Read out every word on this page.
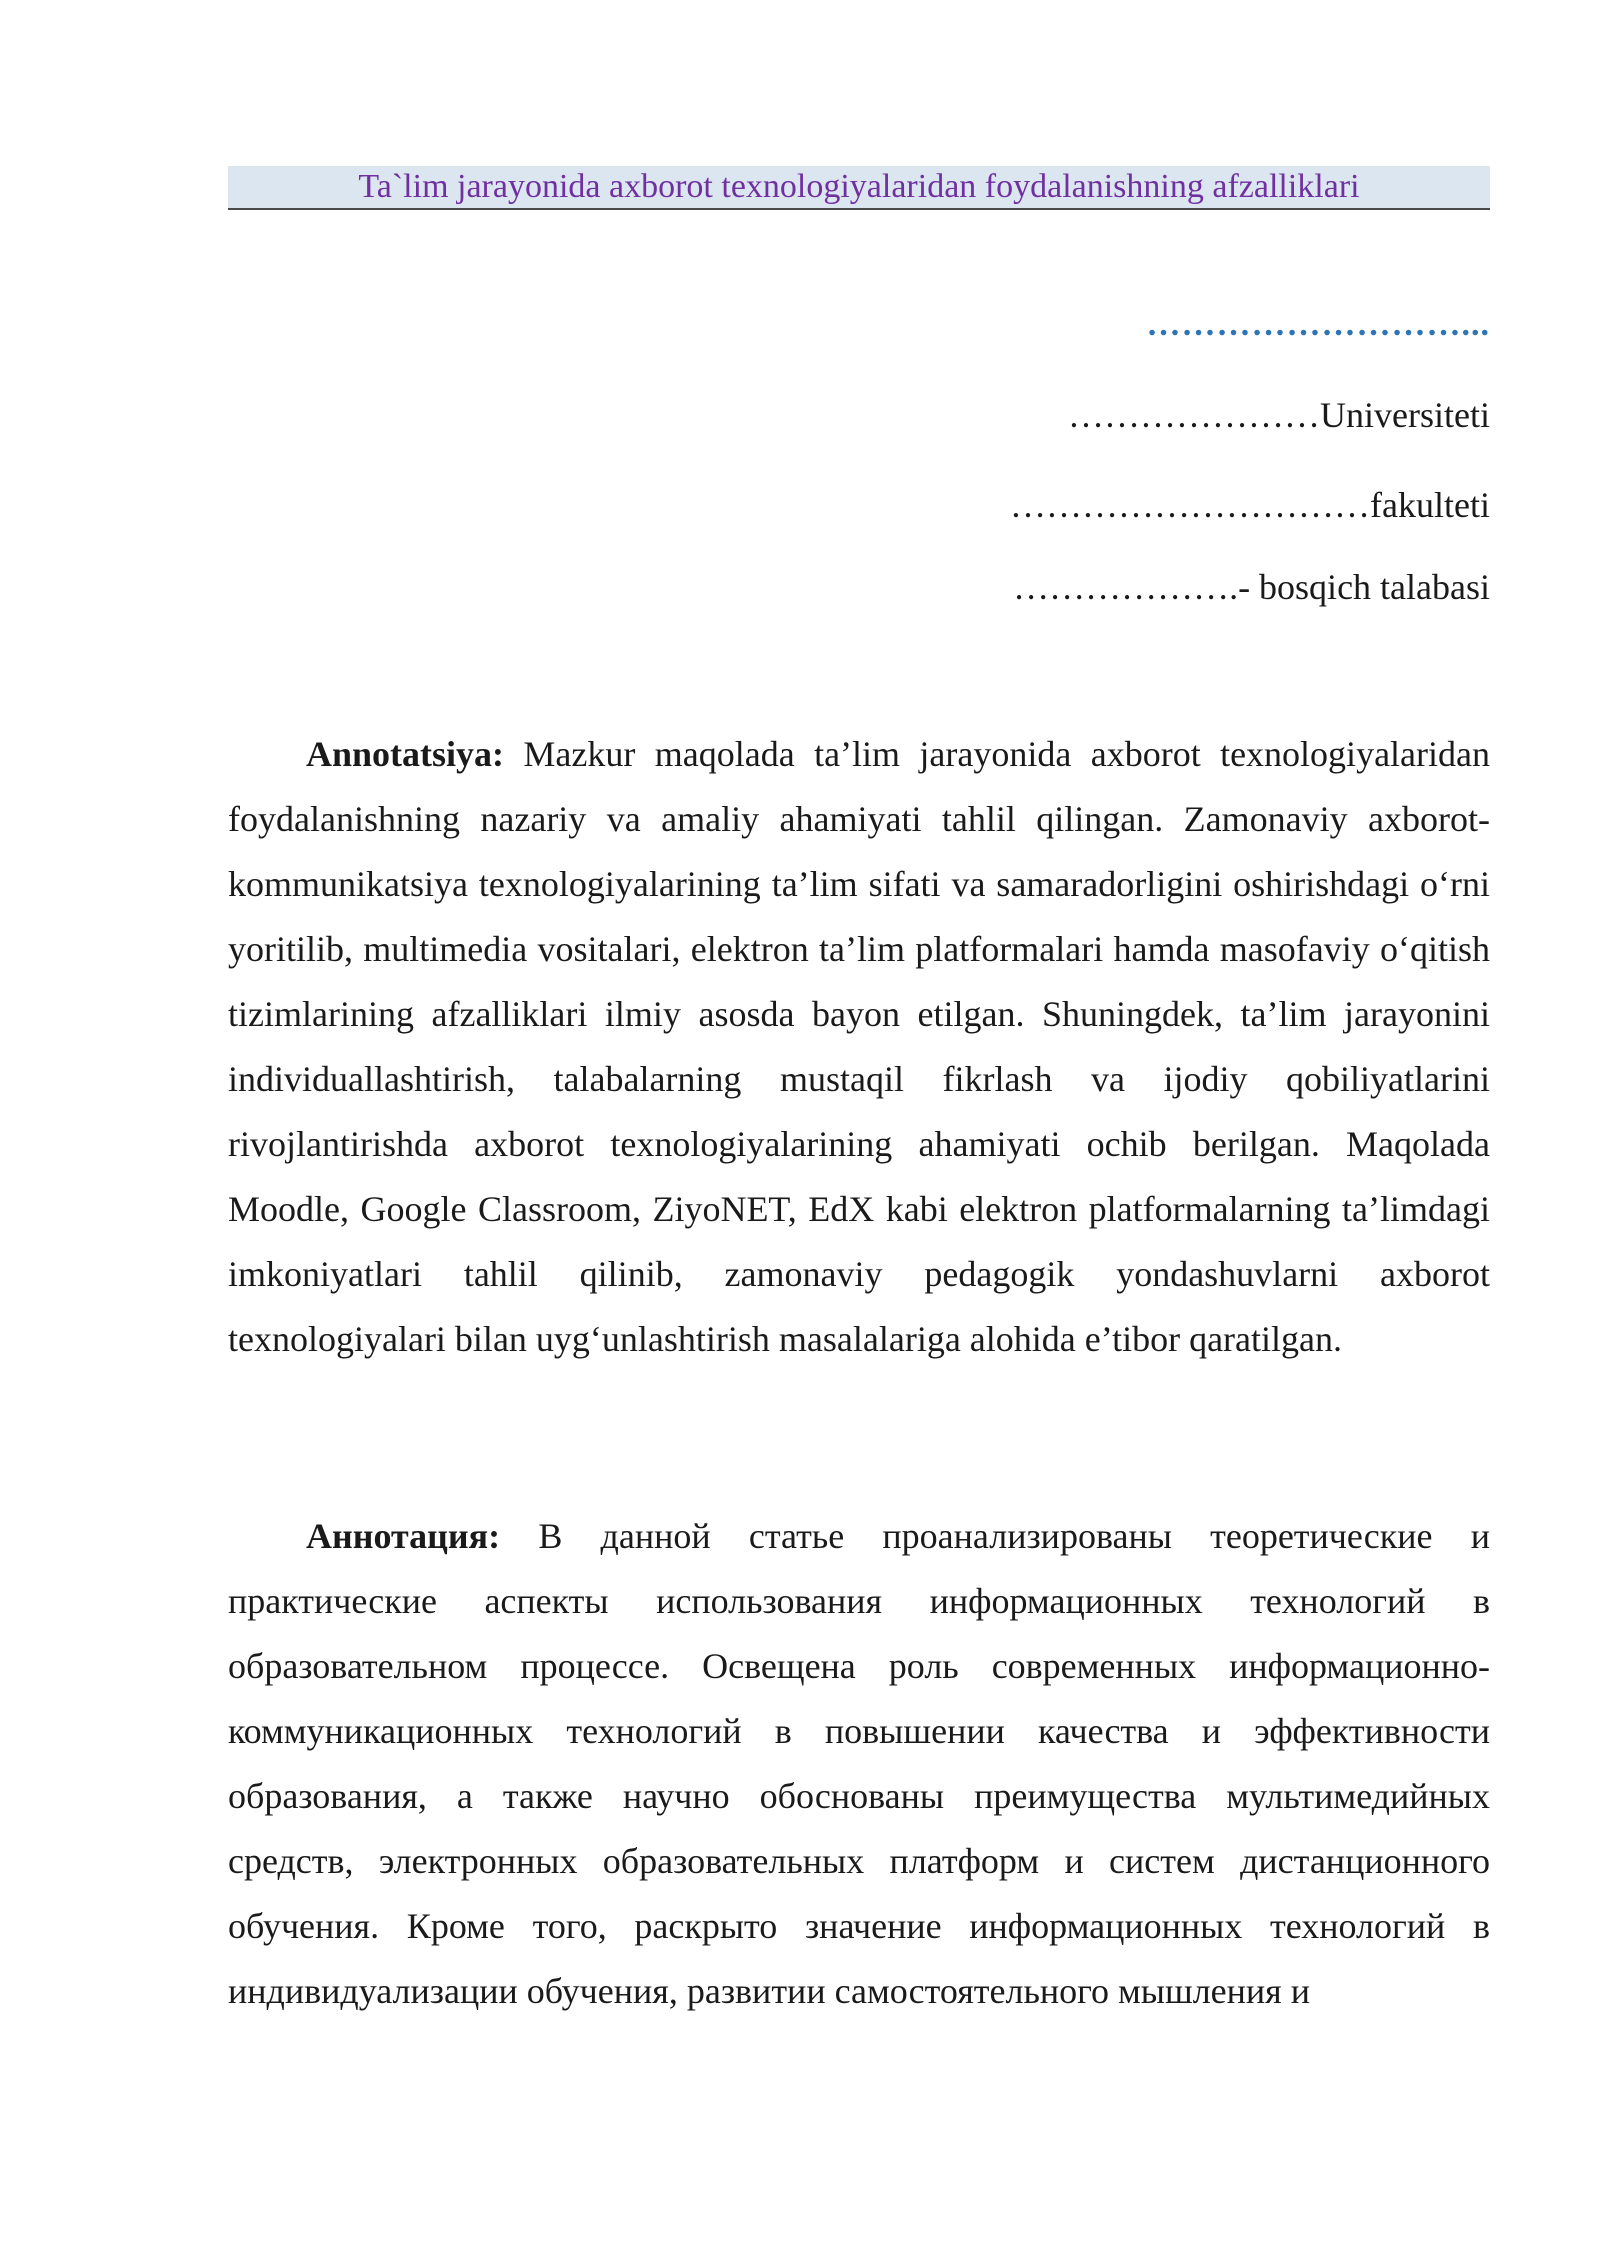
Ta`lim jarayonida axborot texnologiyalaridan foydalanishning afzalliklari
………………………...
…………………Universiteti
…………………………fakulteti
……………….- bosqich talabasi
Annotatsiya: Mazkur maqolada ta’lim jarayonida axborot texnologiyalaridan foydalanishning nazariy va amaliy ahamiyati tahlil qilingan. Zamonaviy axborot-kommunikatsiya texnologiyalarining ta’lim sifati va samaradorligini oshirishdagi o‘rni yoritilib, multimedia vositalari, elektron ta’lim platformalari hamda masofaviy o‘qitish tizimlarining afzalliklari ilmiy asosda bayon etilgan. Shuningdek, ta’lim jarayonini individuallashtirish, talabalarning mustaqil fikrlash va ijodiy qobiliyatlarini rivojlantirishda axborot texnologiyalarining ahamiyati ochib berilgan. Maqolada Moodle, Google Classroom, ZiyoNET, EdX kabi elektron platformalarning ta’limdagi imkoniyatlari tahlil qilinib, zamonaviy pedagogik yondashuvlarni axborot texnologiyalari bilan uyg‘unlashtirish masalalariga alohida e’tibor qaratilgan.
Аннотация: В данной статье проанализированы теоретические и практические аспекты использования информационных технологий в образовательном процессе. Освещена роль современных информационно-коммуникационных технологий в повышении качества и эффективности образования, а также научно обоснованы преимущества мультимедийных средств, электронных образовательных платформ и систем дистанционного обучения. Кроме того, раскрыто значение информационных технологий в индивидуализации обучения, развитии самостоятельного мышления и
